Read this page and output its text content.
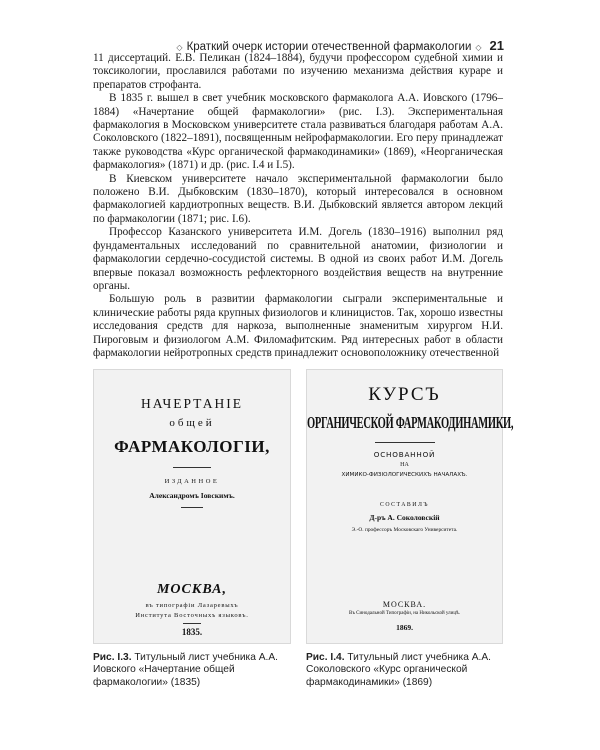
◇ Краткий очерк истории отечественной фармакологии ◇ 21

11 диссертаций. Е.В. Пеликан (1824–1884), будучи профессором судебной химии и токсикологии, прославился работами по изучению механизма действия кураре и препаратов строфанта.

В 1835 г. вышел в свет учебник московского фармаколога А.А. Иовского (1796–1884) «Начертание общей фармакологии» (рис. I.3). Экспериментальная фармакология в Московском университете стала развиваться благодаря работам А.А. Соколовского (1822–1891), посвященным нейрофармакологии. Его перу принадлежат также руководства «Курс органической фармакодинамики» (1869), «Неорганическая фармакология» (1871) и др. (рис. I.4 и I.5).

В Киевском университете начало экспериментальной фармакологии было положено В.И. Дыбковским (1830–1870), который интересовался в основном фармакологией кардиотропных веществ. В.И. Дыбковский является автором лекций по фармакологии (1871; рис. I.6).

Профессор Казанского университета И.М. Догель (1830–1916) выполнил ряд фундаментальных исследований по сравнительной анатомии, физиологии и фармакологии сердечно-сосудистой системы. В одной из своих работ И.М. Догель впервые показал возможность рефлекторного воздействия веществ на внутренние органы.

Большую роль в развитии фармакологии сыграли экспериментальные и клинические работы ряда крупных физиологов и клиницистов. Так, хорошо известны исследования средств для наркоза, выполненные знаменитым хирургом Н.И. Пироговым и физиологом А.М. Филомафитским. Ряд интересных работ в области фармакологии нейротропных средств принадлежит основоположнику отечественной

НАЧЕРТАНІЕ
общей
ФАРМАКОЛОГІИ,
ИЗДАННОЕ
Александромъ Іовскимъ.
МОСКВА,
въ типографіи Лазаревыхъ
Института Восточныхъ языковъ.
1835.
КУРСЪ
ОРГАНИЧЕСКОЙ ФАРМАКОДИНАМИКИ,
ОСНОВАННОЙ
НА
ХИМИКО-ФИЗІОЛОГИЧЕСКИХЪ НАЧАЛАХЪ.
СОСТАВИЛЪ
Д-ръ А. Соколовскій
Э.-О. профессоръ Московскаго Университета.
МОСКВА.
Въ Синодальной Типографіи, на Никольской улицѣ.
1869.
Рис. I.3. Титульный лист учебника А.А. Иовского «Начертание общей фармакологии» (1835)
Рис. I.4. Титульный лист учебника А.А. Соколовского «Курс органической фармакодинамики» (1869)
